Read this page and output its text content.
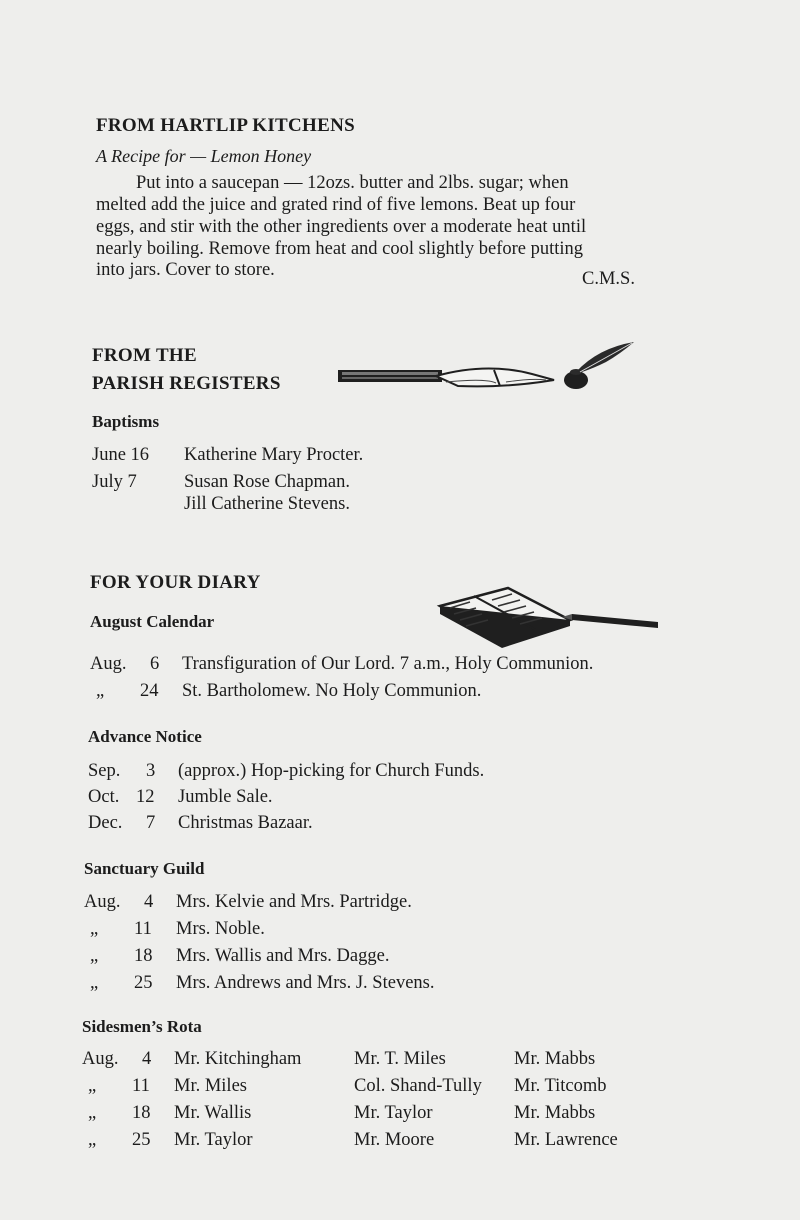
FROM HARTLIP KITCHENS
A Recipe for — Lemon Honey
Put into a saucepan — 12ozs. butter and 2lbs. sugar; when
melted add the juice and grated rind of five lemons. Beat up four
eggs, and stir with the other ingredients over a moderate heat until
nearly boiling. Remove from heat and cool slightly before putting
into jars. Cover to store.	C.M.S.
FROM THE
PARISH REGISTERS
Baptisms
June 16 Katherine Mary Procter.
July 7	Susan Rose Chapman.
Jill Catherine Stevens.
FOR YOUR DIARY
August Calendar
Aug. 6 Transfiguration of Our Lord. 7 a.m., Holy Communion.
„ 24 St. Bartholomew. No Holy Communion.
Advance Notice
Sep. 3 (approx.) Hop-picking for Church Funds.
Oct. 12 Jumble Sale.
Dec. 7 Christmas Bazaar.
Sanctuary Guild
Aug. 4 Mrs. Kelvie and Mrs. Partridge.
„ 11 Mrs. Noble.
„ 18 Mrs. Wallis and Mrs. Dagge.
„ 25 Mrs. Andrews and Mrs. J. Stevens.
Sidesmen’s Rota
Aug. 4 Mr. Kitchingham	Mr. T. Miles	Mr. Mabbs
„ 11 Mr. Miles	Col. Shand-Tully Mr. Titcomb
„ 18 Mr. Wallis	Mr. Taylor	Mr. Mabbs
„ 25 Mr. Taylor	Mr. Moore	Mr. Lawrence
